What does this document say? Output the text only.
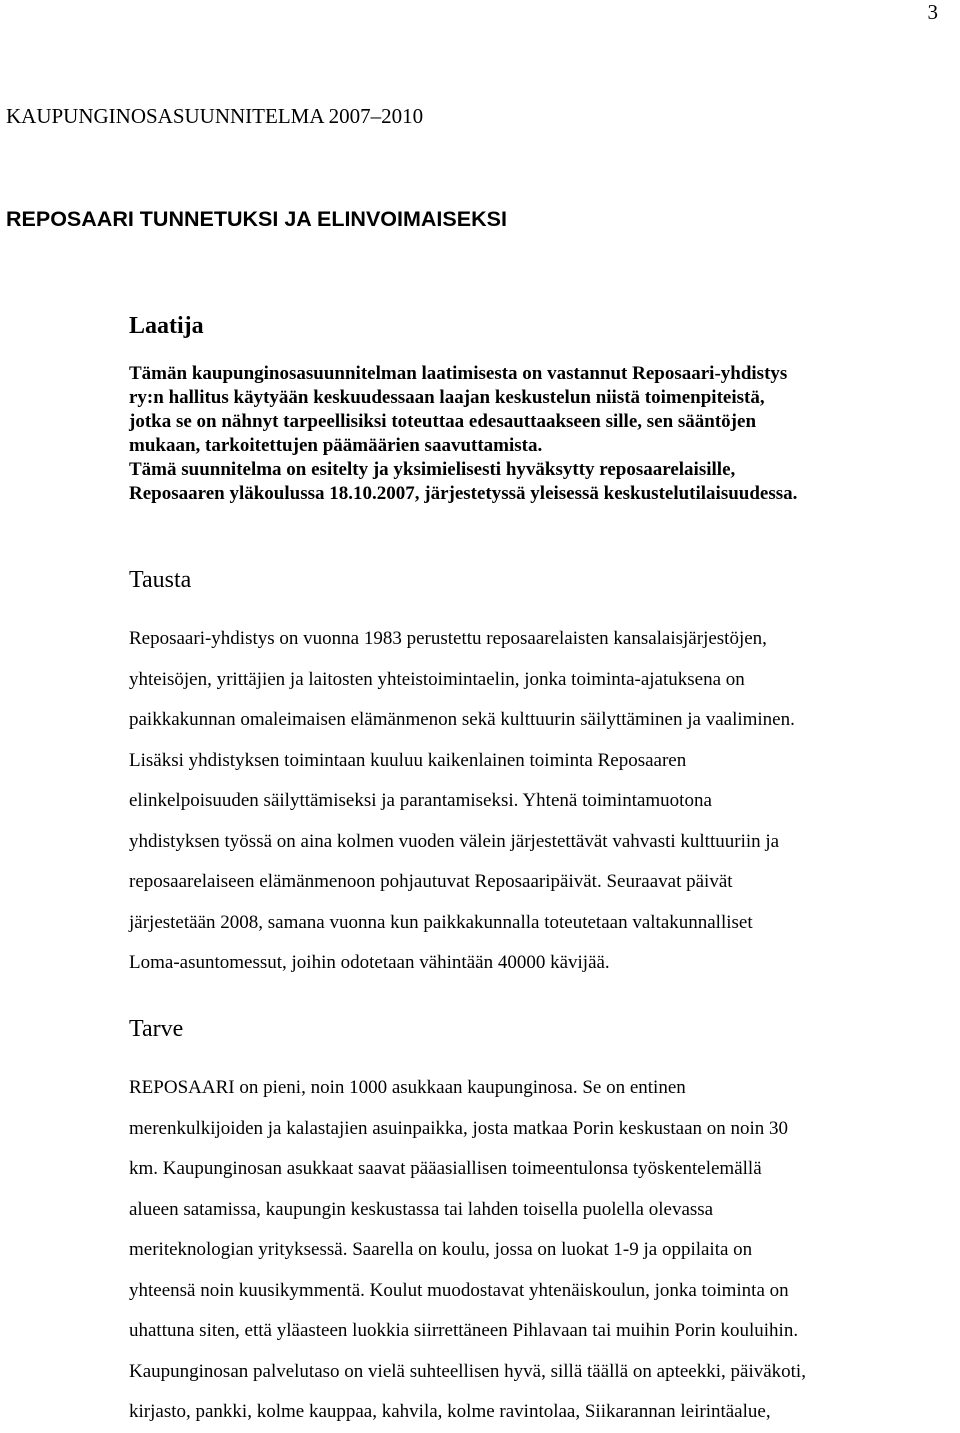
3
KAUPUNGINOSASUUNNITELMA 2007–2010
REPOSAARI TUNNETUKSI JA ELINVOIMAISEKSI
Laatija

Tämän kaupunginosasuunnitelman laatimisesta on vastannut Reposaari-yhdistys
ry:n hallitus käytyään keskuudessaan laajan keskustelun niistä toimenpiteistä,
jotka se on nähnyt tarpeellisiksi toteuttaa edesauttaakseen sille, sen sääntöjen
mukaan, tarkoitettujen päämäärien saavuttamista.
Tämä suunnitelma on esitelty ja yksimielisesti hyväksytty reposaarelaisille,
Reposaaren yläkoulussa 18.10.2007, järjestetyssä yleisessä keskustelutilaisuudessa.

Tausta

Reposaari-yhdistys on vuonna 1983 perustettu reposaarelaisten kansalaisjärjestöjen,
yhteisöjen, yrittäjien ja laitosten yhteistoimintaelin, jonka toiminta-ajatuksena on
paikkakunnan omaleimaisen elämänmenon sekä kulttuurin säilyttäminen ja vaaliminen.
Lisäksi yhdistyksen toimintaan kuuluu kaikenlainen toiminta Reposaaren
elinkelpoisuuden säilyttämiseksi ja parantamiseksi. Yhtenä toimintamuotona
yhdistyksen työssä on aina kolmen vuoden välein järjestettävät vahvasti kulttuuriin ja
reposaarelaiseen elämänmenoon pohjautuvat Reposaaripäivät. Seuraavat päivät
järjestetään 2008, samana vuonna kun paikkakunnalla toteutetaan valtakunnalliset
Loma-asuntomessut, joihin odotetaan vähintään 40000 kävijää.

Tarve

REPOSAARI on pieni, noin 1000 asukkaan kaupunginosa. Se on entinen
merenkulkijoiden ja kalastajien asuinpaikka, josta matkaa Porin keskustaan on noin 30
km. Kaupunginosan asukkaat saavat pääasiallisen toimeentulonsa työskentelemällä
alueen satamissa, kaupungin keskustassa tai lahden toisella puolella olevassa
meriteknologian yrityksessä. Saarella on koulu, jossa on luokat 1-9 ja oppilaita on
yhteensä noin kuusikymmentä. Koulut muodostavat yhtenäiskoulun, jonka toiminta on
uhattuna siten, että yläasteen luokkia siirrettäneen Pihlavaan tai muihin Porin kouluihin.
Kaupunginosan palvelutaso on vielä suhteellisen hyvä, sillä täällä on apteekki, päiväkoti,
kirjasto, pankki, kolme kauppaa, kahvila, kolme ravintolaa, Siikarannan leirintäalue,
